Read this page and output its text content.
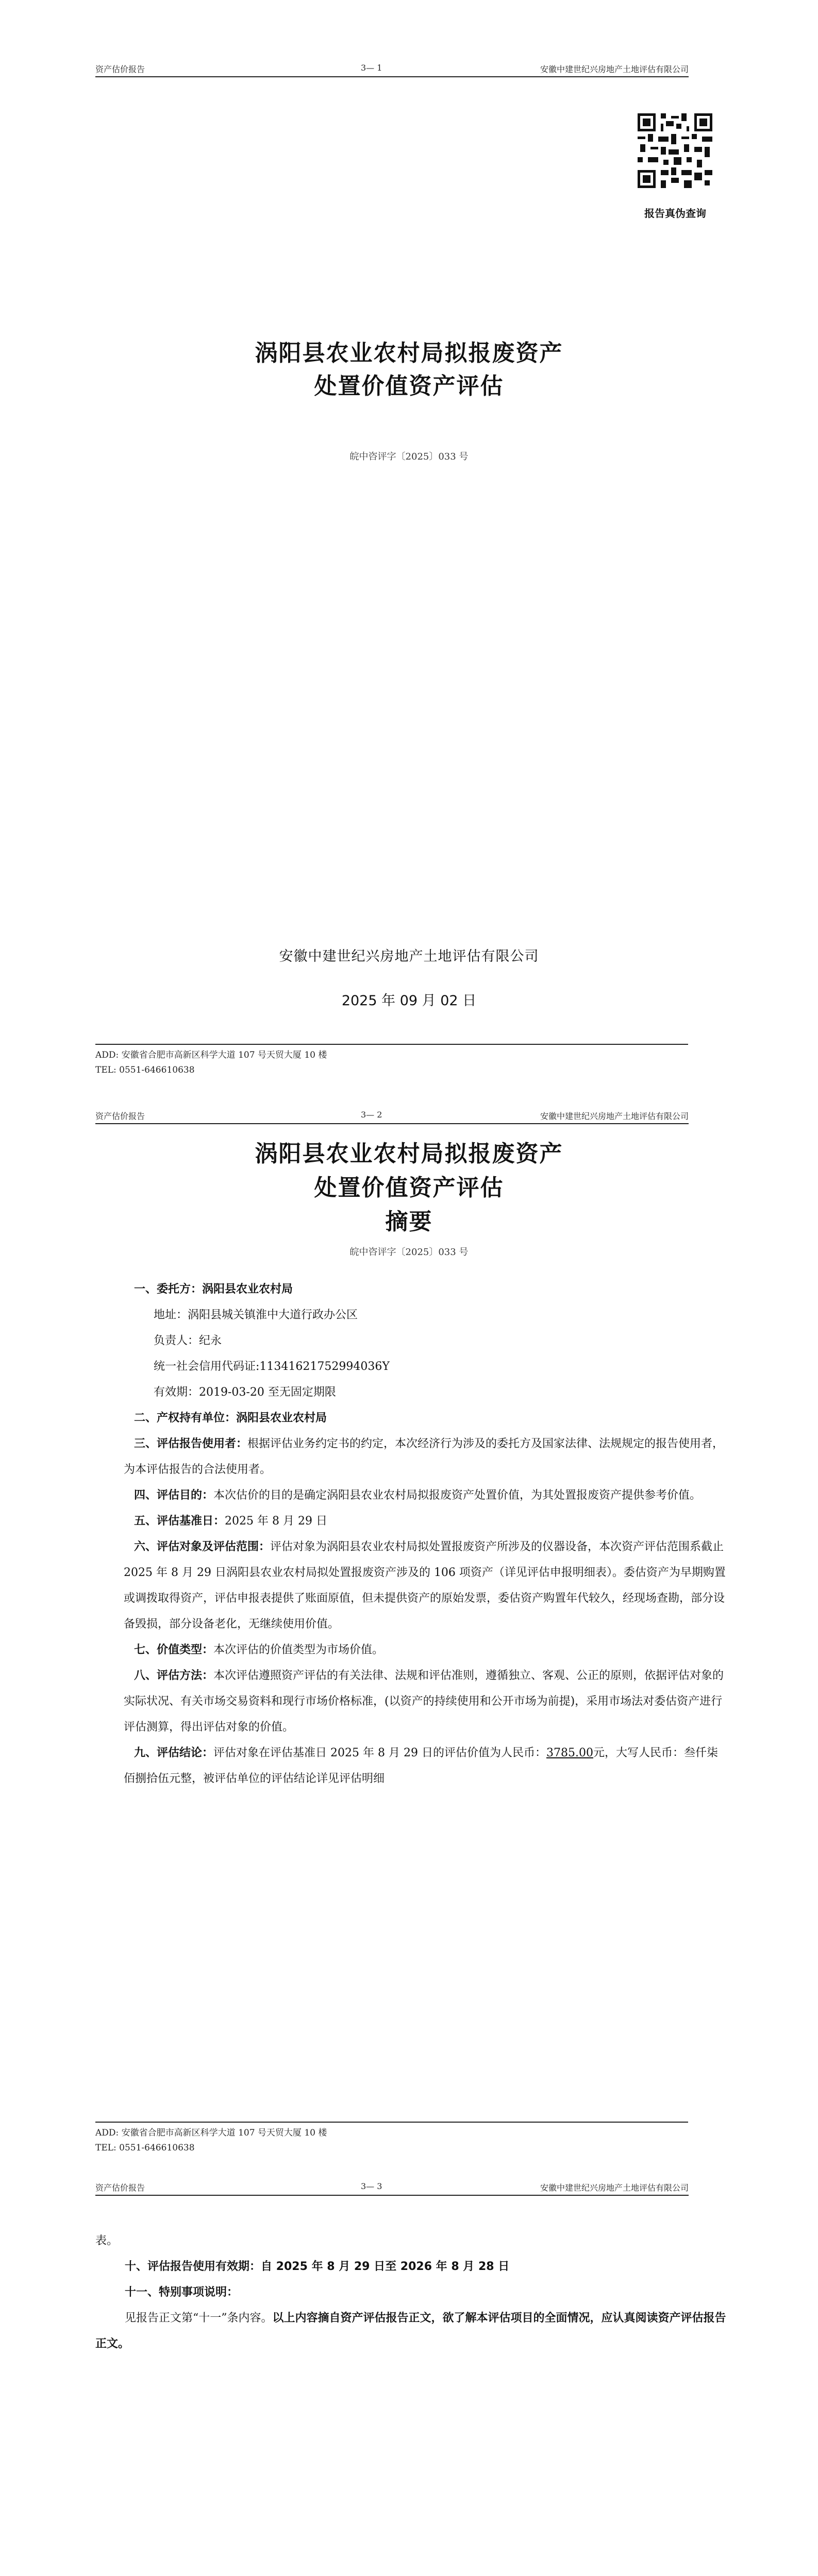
资产估价报告	3— 1	安徽中建世纪兴房地产土地评估有限公司
报告真伪查询
涡阳县农业农村局拟报废资产
处置价值资产评估
皖中咨评字〔2025〕033 号
安徽中建世纪兴房地产土地评估有限公司
2025 年 09 月 02 日
ADD: 安徽省合肥市高新区科学大道 107 号天贸大厦 10 楼
TEL: 0551-646610638
资产估价报告	3— 2	安徽中建世纪兴房地产土地评估有限公司
涡阳县农业农村局拟报废资产
处置价值资产评估
摘要
皖中咨评字〔2025〕033 号

一、委托方：涡阳县农业农村局

地址：涡阳县城关镇淮中大道行政办公区

负责人：纪永

统一社会信用代码证:11341621752994036Y

有效期：2019-03-20 至无固定期限

二、产权持有单位：涡阳县农业农村局

三、评估报告使用者：根据评估业务约定书的约定，本次经济行为涉及的委托方及国家法律、法规规定的报告使用者，为本评估报告的合法使用者。

四、评估目的：本次估价的目的是确定涡阳县农业农村局拟报废资产处置价值，为其处置报废资产提供参考价值。

五、评估基准日：2025 年 8 月 29 日

六、评估对象及评估范围：评估对象为涡阳县农业农村局拟处置报废资产所涉及的仪器设备，本次资产评估范围系截止 2025 年 8 月 29 日涡阳县农业农村局拟处置报废资产涉及的 106 项资产（详见评估申报明细表）。委估资产为早期购置或调拨取得资产，评估申报表提供了账面原值，但未提供资产的原始发票，委估资产购置年代较久，经现场查勘，部分设备毁损，部分设备老化，无继续使用价值。

七、价值类型：本次评估的价值类型为市场价值。

八、评估方法：本次评估遵照资产评估的有关法律、法规和评估准则，遵循独立、客观、公正的原则，依据评估对象的实际状况、有关市场交易资料和现行市场价格标准，(以资产的持续使用和公开市场为前提)，采用市场法对委估资产进行评估测算，得出评估对象的价值。

九、评估结论：评估对象在评估基准日 2025 年 8 月 29 日的评估价值为人民币：3785.00元，大写人民币：叁仟柒佰捌拾伍元整，被评估单位的评估结论详见评估明细

ADD: 安徽省合肥市高新区科学大道 107 号天贸大厦 10 楼
TEL: 0551-646610638
资产估价报告	3— 3	安徽中建世纪兴房地产土地评估有限公司

表。

十、评估报告使用有效期：自 2025 年 8 月 29 日至 2026 年 8 月 28 日

十一、特别事项说明：

见报告正文第“十一”条内容。以上内容摘自资产评估报告正文，欲了解本评估项目的全面情况，应认真阅读资产评估报告正文。
